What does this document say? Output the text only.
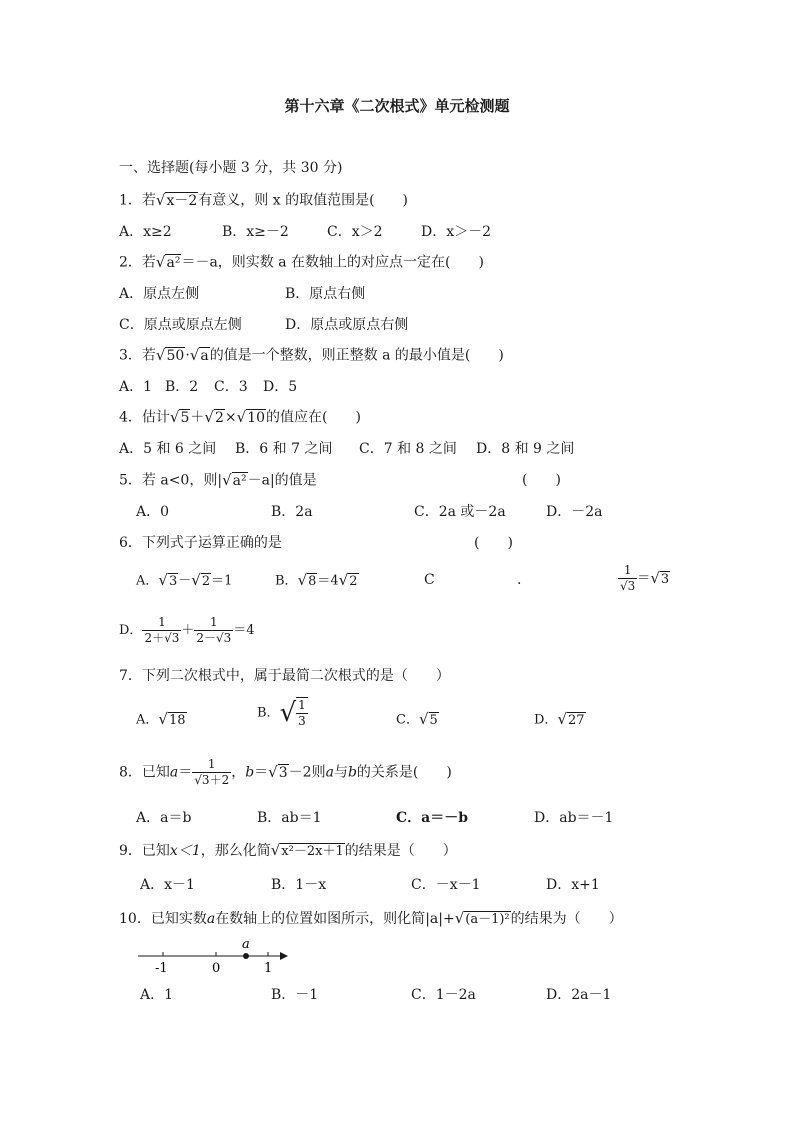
第十六章《二次根式》单元检测题
一、选择题(每小题 3 分，共 30 分)
1．若√x－2有意义，则 x 的取值范围是(　　)
A．x≥2	B．x≥－2	C．x＞2	D．x＞－2
2．若√a²＝－a，则实数 a 在数轴上的对应点一定在(　　)
A．原点左侧	B．原点右侧
C．原点或原点左侧	D．原点或原点右侧
3．若√50·√a的值是一个整数，则正整数 a 的最小值是(　　)
A．1 B．2 C．3 D．5
4．估计√5＋√2×√10的值应在(　　)
A．5 和 6 之间 B．6 和 7 之间 C．7 和 8 之间 D．8 和 9 之间
5．若 a<0，则|√a²－a|的值是	(　　)
A．0	B．2a	C．2a 或－2a	D．－2a
6．下列式子运算正确的是	(　　)
A．√3－√2＝1	B．√8＝4√2	C	.	$\frac{1}{√3} =√3$
D． $\frac{1}{2+√3} + \frac{1}{2-√3} =4$
7．下列二次根式中，属于最简二次根式的是（　　）
A．√18	B．√ $\frac{1}{3}$	C．√5	D．√27
8．已知$a= \frac{1}{√3+2}$ ，b＝√3－2则a与b的关系是(　　)
A．a＝b	B．ab＝1	C．a＝－b	D．ab＝－1
9．已知x＜1，那么化简√x²－2x＋1的结果是（　　）
A．x－1	B．1－x	C．－x－1	D．x+1
10．已知实数a在数轴上的位置如图所示，则化简|a|+√(a－1)²的结果为（　　）
a
-1	0	1
A．1	B．－1	C．1－2a	D．2a－1
